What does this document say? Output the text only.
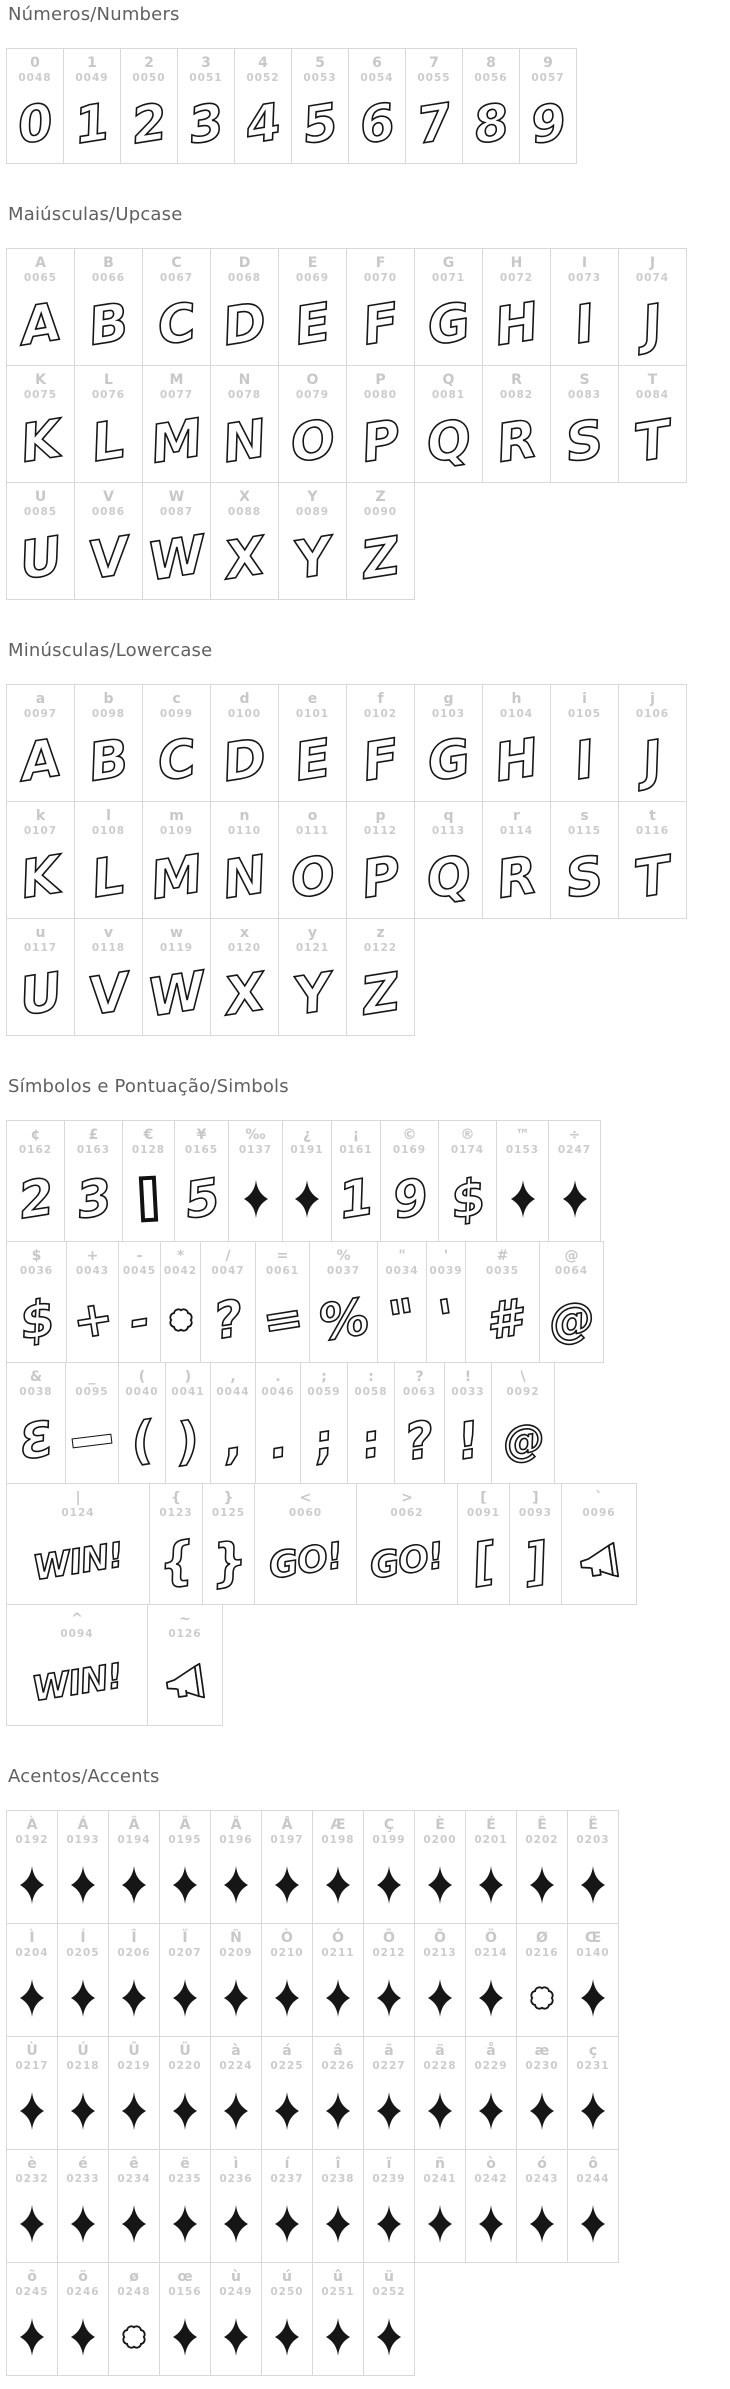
Números/Numbers
0
0048
0
1
0049
1
2
0050
2
3
0051
3
4
0052
4
5
0053
5
6
0054
6
7
0055
7
8
0056
8
9
0057
9
Maiúsculas/Upcase
A
0065
A
B
0066
B
C
0067
C
D
0068
D
E
0069
E
F
0070
F
G
0071
G
H
0072
H
I
0073
I
J
0074
J
K
0075
K
L
0076
L
M
0077
M
N
0078
N
O
0079
O
P
0080
P
Q
0081
Q
R
0082
R
S
0083
S
T
0084
T
U
0085
U
V
0086
V
W
0087
W
X
0088
X
Y
0089
Y
Z
0090
Z
Minúsculas/Lowercase
a
0097
A
b
0098
B
c
0099
C
d
0100
D
e
0101
E
f
0102
F
g
0103
G
h
0104
H
i
0105
I
j
0106
J
k
0107
K
l
0108
L
m
0109
M
n
0110
N
o
0111
O
p
0112
P
q
0113
Q
r
0114
R
s
0115
S
t
0116
T
u
0117
U
v
0118
V
w
0119
W
x
0120
X
y
0121
Y
z
0122
Z
Símbolos e Pontuação/Simbols
¢
0162
2
£
0163
3
€
0128
¥
0165
5
‰
0137
¿
0191
¡
0161
1
©
0169
9
®
0174
$
™
0153
÷
0247
$
0036
$
+
0043
+
-
0045
-
*
0042
/
0047
?
=
0061
=
%
0037
%
"
0034
"
'
0039
'
#
0035
#
@
0064
@
&
0038
Ɛ
_
0095
(
0040
(
)
0041
)
,
0044
,
.
0046
.
;
0059
;
:
0058
:
?
0063
?
!
0033
!
\
0092
@
|
0124
WIN!
{
0123
{
}
0125
}
<
0060
GO!
>
0062
GO!
[
0091
[
]
0093
]
`
0096
^
0094
WIN!
~
0126
Acentos/Accents
À
0192
Á
0193
Â
0194
Ã
0195
Ä
0196
Å
0197
Æ
0198
Ç
0199
È
0200
É
0201
Ê
0202
Ë
0203
Ì
0204
Í
0205
Î
0206
Ï
0207
Ñ
0209
Ò
0210
Ó
0211
Ô
0212
Õ
0213
Ö
0214
Ø
0216
Œ
0140
Ù
0217
Ú
0218
Û
0219
Ü
0220
à
0224
á
0225
â
0226
ã
0227
ä
0228
å
0229
æ
0230
ç
0231
è
0232
é
0233
ê
0234
ë
0235
ì
0236
í
0237
î
0238
ï
0239
ñ
0241
ò
0242
ó
0243
ô
0244
õ
0245
ö
0246
ø
0248
œ
0156
ù
0249
ú
0250
û
0251
ü
0252
